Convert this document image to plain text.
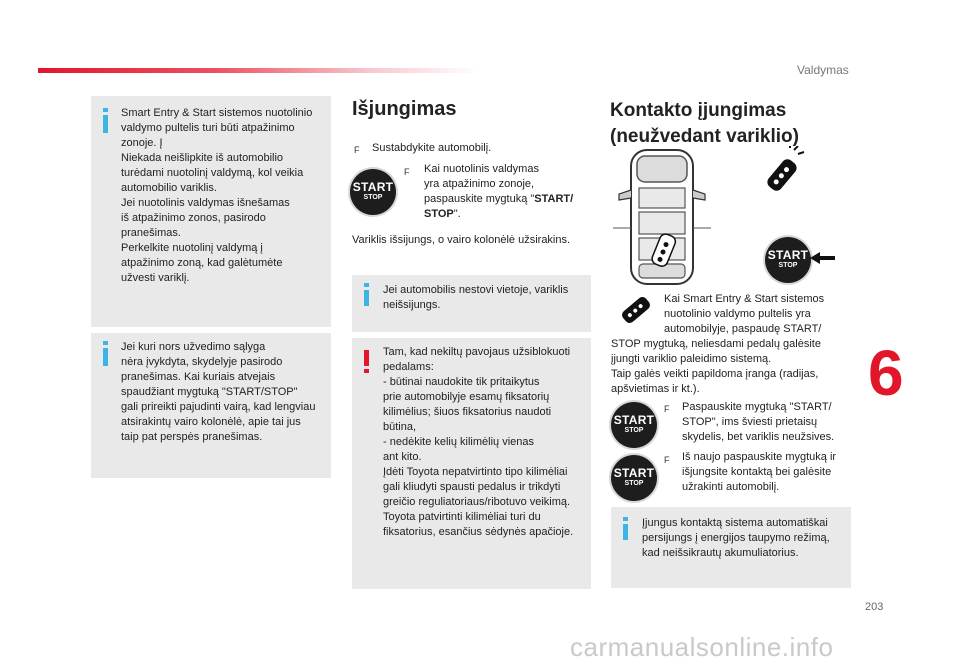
Valdymas
Smart Entry & Start sistemos nuotolinio
valdymo pultelis turi būti atpažinimo
zonoje. Į
Niekada neišlipkite iš automobilio
turėdami nuotolinį valdymą, kol veikia
automobilio variklis.
Jei nuotolinis valdymas išnešamas
iš atpažinimo zonos, pasirodo
pranešimas.
Perkelkite nuotolinį valdymą į
atpažinimo zoną, kad galėtumėte
užvesti variklį.
Jei kuri nors užvedimo sąlyga
nėra įvykdyta, skydelyje pasirodo
pranešimas. Kai kuriais atvejais
spaudžiant mygtuką "START/STOP"
gali prireikti pajudinti vairą, kad lengviau
atsirakintų vairo kolonėlė, apie tai jus
taip pat perspės pranešimas.
Išjungimas
F Sustabdykite automobilį.
START
STOP
F Kai nuotolinis valdymas
yra atpažinimo zonoje,
paspauskite mygtuką "START/
STOP".
Variklis išsijungs, o vairo kolonėlė užsirakins.
Jei automobilis nestovi vietoje, variklis
neišsijungs.
Tam, kad nekiltų pavojaus užsiblokuoti
pedalams:
- būtinai naudokite tik pritaikytus
prie automobilyje esamų fiksatorių
kilimėlius; šiuos fiksatorius naudoti
būtina,
- nedėkite kelių kilimėlių vienas
ant kito.
Įdėti Toyota nepatvirtinto tipo kilimėliai
gali kliudyti spausti pedalus ir trikdyti
greičio reguliatoriaus/ribotuvo veikimą.
Toyota patvirtinti kilimėliai turi du
fiksatorius, esančius sėdynės apačioje.
Kontakto įjungimas
(neužvedant variklio)
START
STOP
Kai Smart Entry & Start sistemos
nuotolinio valdymo pultelis yra
automobilyje, paspaudę START/
STOP mygtuką, neliesdami pedalų galėsite
įjungti variklio paleidimo sistemą.
Taip galės veikti papildoma įranga (radijas,
apšvietimas ir kt.).
START
STOP
F Paspauskite mygtuką "START/
STOP", ims šviesti prietaisų
skydelis, bet variklis neužsives.
START
STOP
F Iš naujo paspauskite mygtuką ir
išjungsite kontaktą bei galėsite
užrakinti automobilį.
Įjungus kontaktą sistema automatiškai
persijungs į energijos taupymo režimą,
kad neišsikrautų akumuliatorius.
6
203
carmanualsonline.info
